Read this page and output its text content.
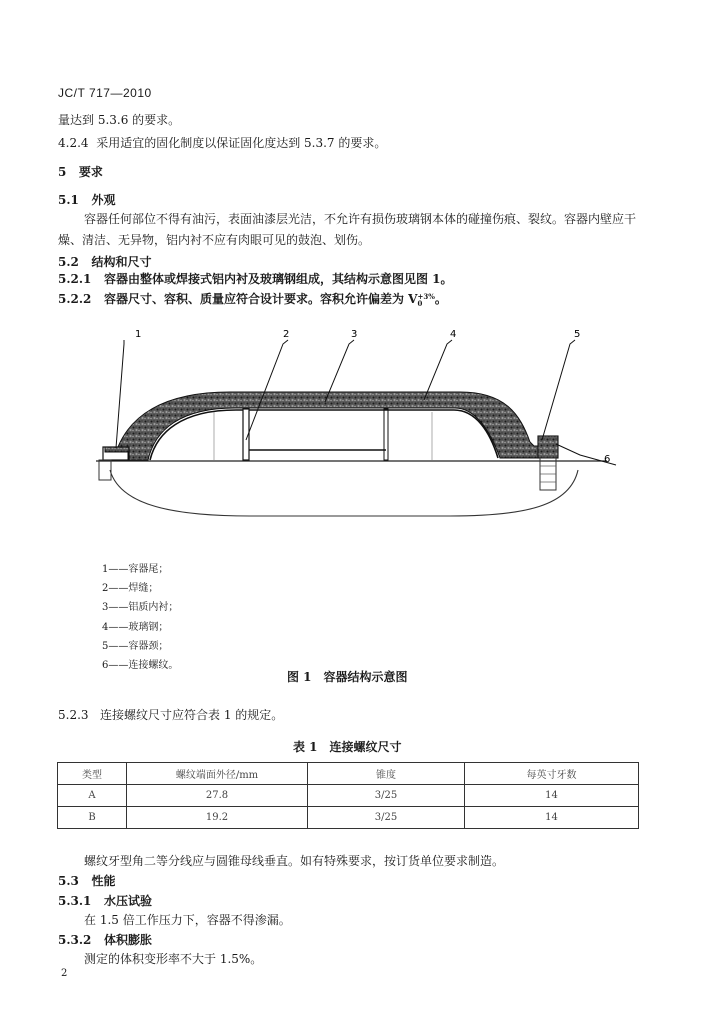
JC/T 717—2010
量达到 5.3.6 的要求。
4.2.4 采用适宜的固化制度以保证固化度达到 5.3.7 的要求。
5 要求
5.1 外观
容器任何部位不得有油污，表面油漆层光洁，不允许有损伤玻璃钢本体的碰撞伤痕、裂纹。容器内壁应干燥、清洁、无异物，铝内衬不应有肉眼可见的鼓泡、划伤。
5.2 结构和尺寸
5.2.1 容器由整体或焊接式铝内衬及玻璃钢组成，其结构示意图见图 1。
5.2.2 容器尺寸、容积、质量应符合设计要求。容积允许偏差为 V +3%
0	。
1	2	3	4	5
6
1——容器尾；
2——焊缝；
3——铝质内衬；
4——玻璃钢；
5——容器颈；
6——连接螺纹。
图 1　容器结构示意图
5.2.3 连接螺纹尺寸应符合表 1 的规定。
表 1　连接螺纹尺寸
类型	螺纹端面外径/mm	锥度	每英寸牙数
A	27.8	3/25	14
B	19.2	3/25	14
螺纹牙型角二等分线应与圆锥母线垂直。如有特殊要求，按订货单位要求制造。
5.3 性能
5.3.1 水压试验
在 1.5 倍工作压力下，容器不得渗漏。
5.3.2 体积膨胀
测定的体积变形率不大于 1.5%。
2
